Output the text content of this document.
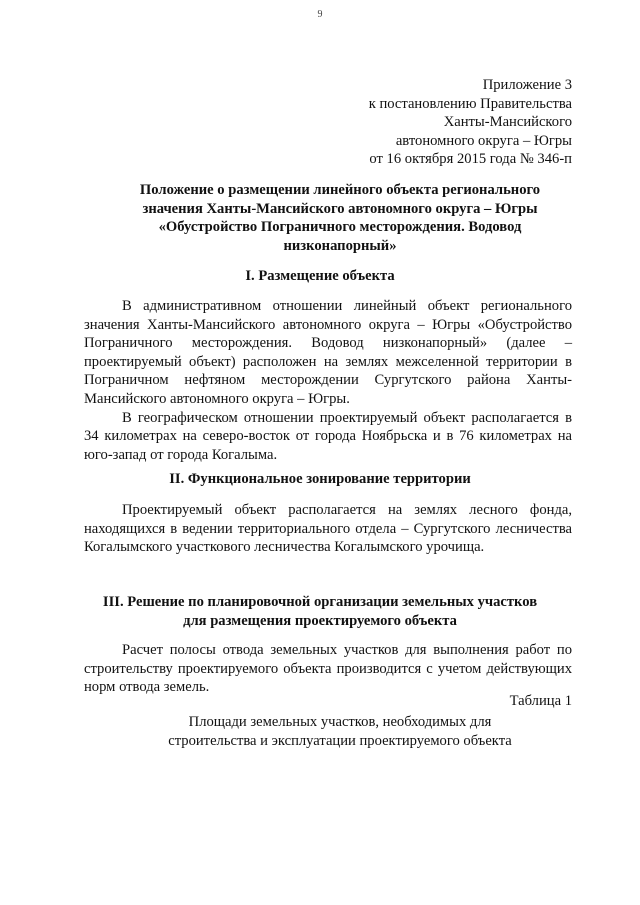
9
Приложение 3
к постановлению Правительства
Ханты-Мансийского
автономного округа – Югры
от 16 октября 2015 года № 346-п
Положение о размещении линейного объекта регионального
значения Ханты-Мансийского автономного округа – Югры
«Обустройство Пограничного месторождения. Водовод
низконапорный»
I. Размещение объекта

В административном отношении линейный объект регионального значения Ханты-Мансийского автономного округа – Югры «Обустройство Пограничного месторождения. Водовод низконапорный» (далее – проектируемый объект) расположен на землях межселенной территории в Пограничном нефтяном месторождении Сургутского района Ханты-Мансийского автономного округа – Югры.

В географическом отношении проектируемый объект располагается в 34 километрах на северо-восток от города Ноябрьска и в 76 километрах на юго-запад от города Когалыма.

II. Функциональное зонирование территории

Проектируемый объект располагается на землях лесного фонда, находящихся в ведении территориального отдела – Сургутского лесничества Когалымского участкового лесничества Когалымского урочища.

III. Решение по планировочной организации земельных участков
для размещения проектируемого объекта

Расчет полосы отвода земельных участков для выполнения работ по строительству проектируемого объекта производится с учетом действующих норм отвода земель.

Таблица 1
Площади земельных участков, необходимых для
строительства и эксплуатации проектируемого объекта
